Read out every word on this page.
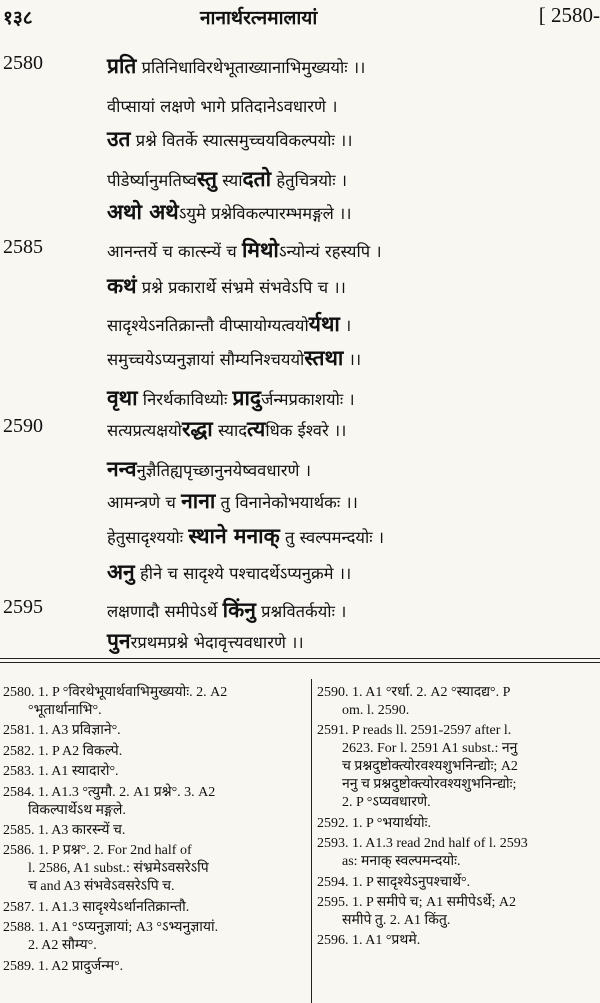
१३८	नानार्थरत्नमालायां	[ 2580-
2580	प्रति प्रतिनिधाविरथेभूताख्यानाभिमुख्ययोः ।।
वीप्सायां लक्षणे भागे प्रतिदानेऽवधारणे ।
उत प्रश्ने वितर्के स्यात्समुच्चयविकल्पयोः ।।
पीडेर्ष्यानुमतिष्वस्तु स्यादतो हेतुचित्रयोः ।
अथो अथेऽयुमे प्रश्नेविकल्पारम्भमङ्गले ।।
2585	आनन्तर्ये च कात्स्न्यें च मिथोऽन्योन्यं रहस्यपि ।
कथं प्रश्ने प्रकारार्थे संभ्रमे संभवेऽपि च ।।
सादृश्येऽनतिक्रान्तौ वीप्सायोग्यत्वयोर्यथा ।
समुच्चयेऽप्यनुज्ञायां सौम्यनिश्चययोस्तथा ।।
वृथा निरर्थकाविध्योः प्रादुर्जन्मप्रकाशयोः ।
2590	सत्यप्रत्यक्षयोरद्धा स्यादत्यधिक ईश्वरे ।।
नन्वनुज्ञैतिह्यपृच्छानुनयेष्ववधारणे ।
आमन्त्रणे च नाना तु विनानेकोभयार्थकः ।।
हेतुसादृश्ययोः स्थाने मनाक् तु स्वल्पमन्दयोः ।
अनु हीने च सादृश्ये पश्चादर्थेऽप्यनुक्रमे ।।
2595	लक्षणादौ समीपेऽर्थे किंनु प्रश्नवितर्कयोः ।
पुनरप्रथमप्रश्ने भेदावृत्त्यवधारणे ।।
2580. 1. P °विरथेभूयार्थवाभिमुख्ययोः. 2. A2
°भूतार्थानाभि°.
2581. 1. A3 प्रविज्ञाने°.
2582. 1. P A2 विकल्पे.
2583. 1. A1 स्यादारो°.
2584. 1. A1.3 °त्युमौ. 2. A1 प्रश्ने°. 3. A2
विकल्पार्थेऽथ मङ्गले.
2585. 1. A3 कारस्न्यें च.
2586. 1. P प्रश्न°. 2. For 2nd half of
l. 2586, A1 subst.: संभ्रमेऽवसरेऽपि
च and A3 संभवेऽवसरेऽपि च.
2587. 1. A1.3 सादृश्येऽर्थानतिक्रान्तौ.
2588. 1. A1 °ऽप्यनुज्ञायां; A3 °ऽभ्यनुज्ञायां.
2. A2 सौम्य°.
2589. 1. A2 प्रादुर्जन्म°.
2590. 1. A1 °रर्धा. 2. A2 °स्यादद्य°. P
om. l. 2590.
2591. P reads ll. 2591-2597 after l.
2623. For l. 2591 A1 subst.: ननु
च प्रश्नदुष्टोक्त्योरवश्यशुभनिन्द्योः; A2
ननु च प्रश्नदुष्टोक्त्योरवश्यशुभनिन्द्योः;
2. P °ऽप्यवधारणे.
2592. 1. P °भयार्थयोः.
2593. 1. A1.3 read 2nd half of l. 2593
as: मनाक् स्वल्पमन्दयोः.
2594. 1. P सादृश्येऽनुपश्चार्थे°.
2595. 1. P समीपे च; A1 समीपेऽर्थे; A2
समीपे तु. 2. A1 किंतु.
2596. 1. A1 °प्रथमे.
